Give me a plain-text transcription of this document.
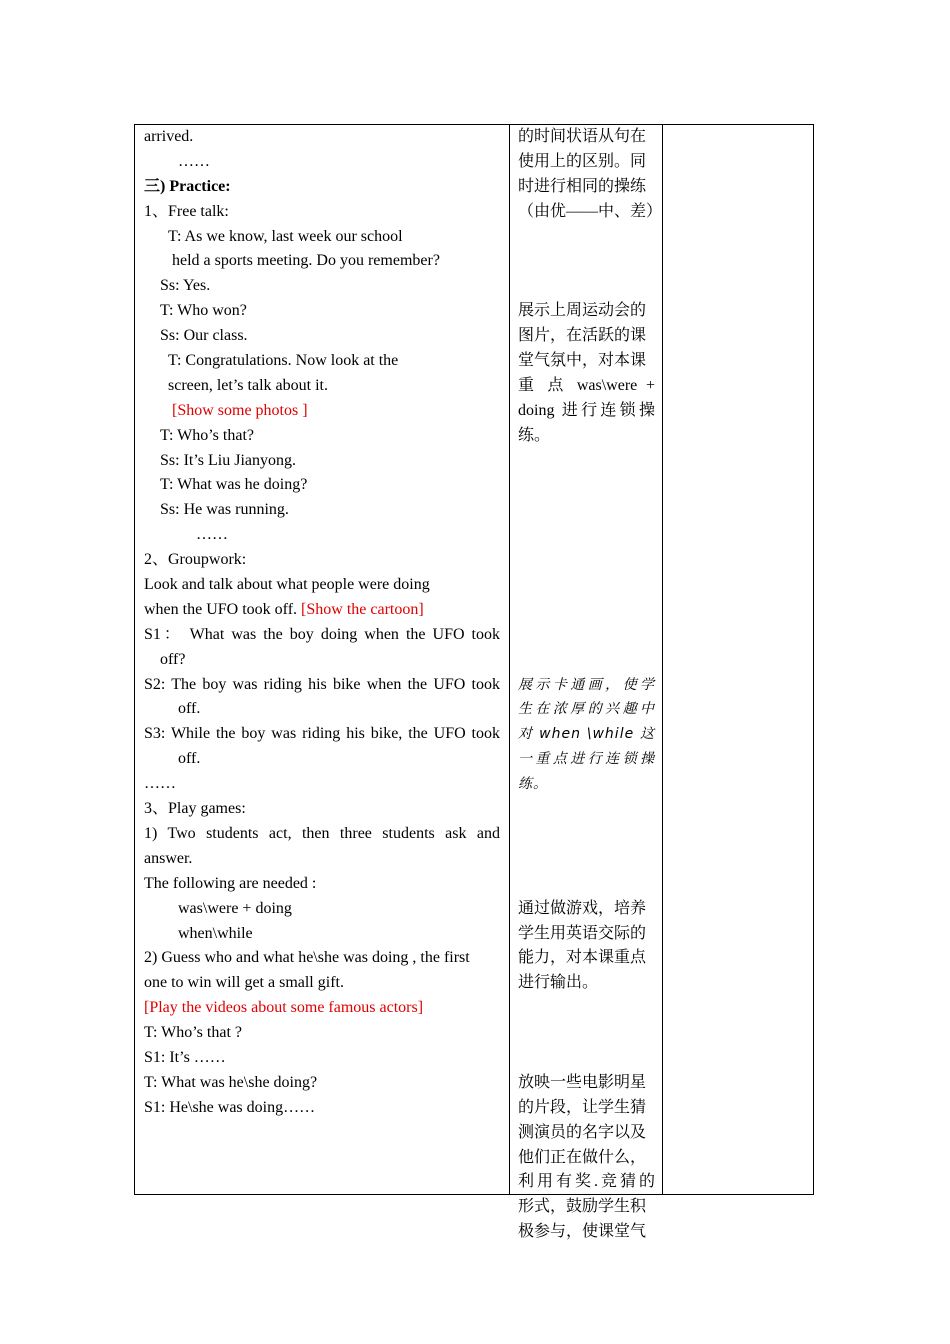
arrived.
……
三) Practice:
1、Free talk:
T: As we know, last week our school
held a sports meeting. Do you remember?
Ss: Yes.
T: Who won?
Ss: Our class.
T: Congratulations. Now look at the
screen, let’s talk about it.
[Show some photos ]
T: Who’s that?
Ss: It’s Liu Jianyong.
T: What was he doing?
Ss: He was running.
……
2、Groupwork:
Look and talk about what people were doing
when the UFO took off. [Show the cartoon]
S1： What was the boy doing when the UFO took
off?
S2: The boy was riding his bike when the UFO took
off.
S3: While the boy was riding his bike, the UFO took
off.
……
3、Play games:
1) Two students act, then three students ask and
answer.
The following are needed :
was\were + doing
when\while
2) Guess who and what he\she was doing , the first
one to win will get a small gift.
[Play the videos about some famous actors]
T: Who’s that ?
S1: It’s ……
T: What was he\she doing?
S1: He\she was doing……
的时间状语从句在
使用上的区别。同
时进行相同的操练
（由优——中、差）
展示上周运动会的
图片，在活跃的课
堂气氛中，对本课
重 点 was\were +
doing 进行连锁操
练。
展示卡通画，使学
生在浓厚的兴趣中
对 when \while 这
一重点进行连锁操
练。
通过做游戏，培养
学生用英语交际的
能力，对本课重点
进行输出。
放映一些电影明星
的片段，让学生猜
测演员的名字以及
他们正在做什么，
利用有奖.竞猜的
形式，鼓励学生积
极参与，使课堂气
